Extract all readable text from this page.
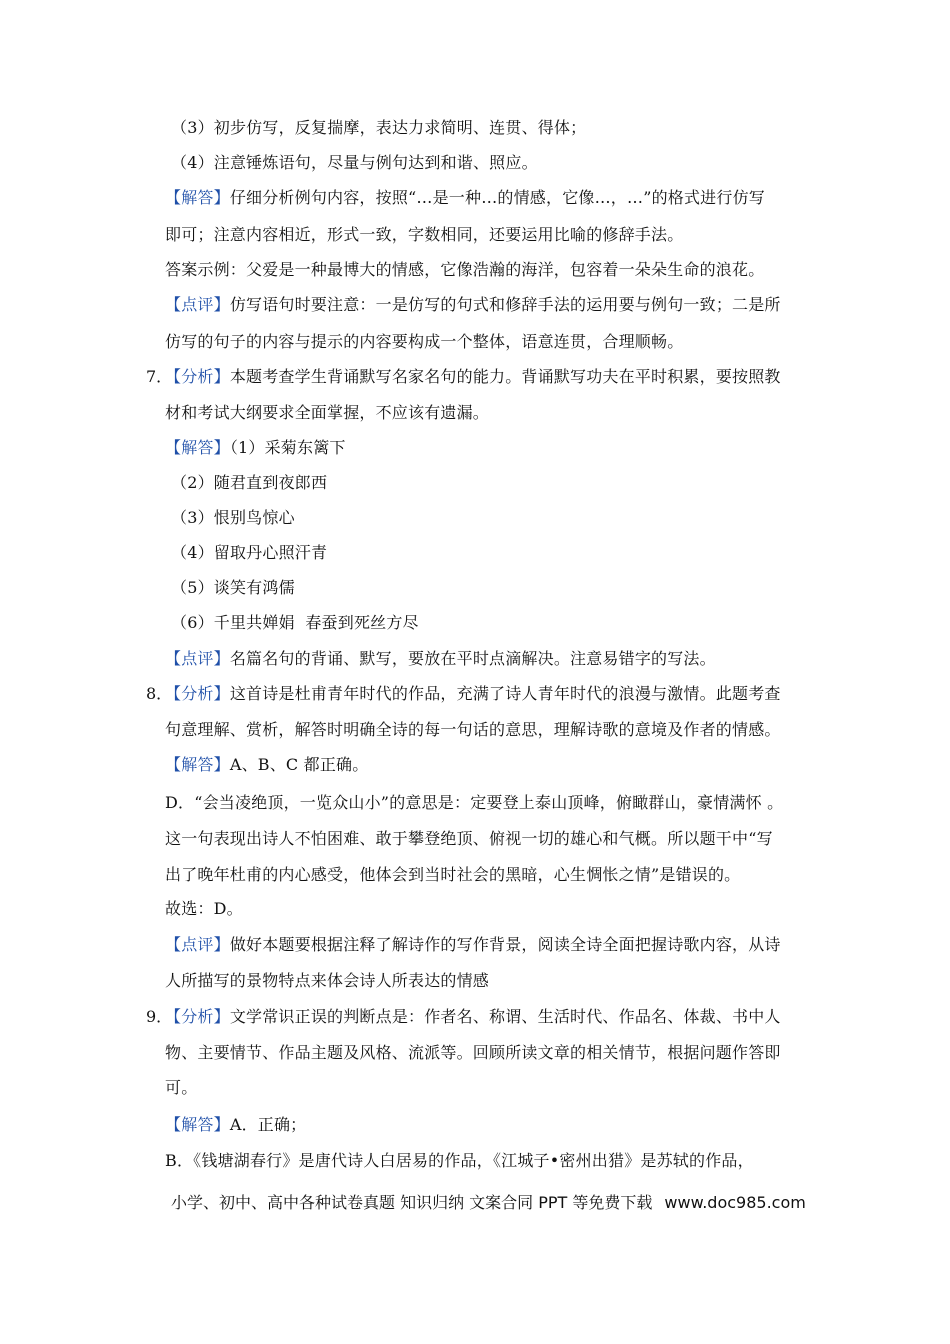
（3）初步仿写，反复揣摩，表达力求简明、连贯、得体；
（4）注意锤炼语句，尽量与例句达到和谐、照应。
【解答】仔细分析例句内容，按照“…是一种…的情感，它像…，…”的格式进行仿写
即可；注意内容相近，形式一致，字数相同，还要运用比喻的修辞手法。
答案示例：父爱是一种最博大的情感，它像浩瀚的海洋，包容着一朵朵生命的浪花。
【点评】仿写语句时要注意：一是仿写的句式和修辞手法的运用要与例句一致；二是所
仿写的句子的内容与提示的内容要构成一个整体，语意连贯，合理顺畅。
7．
【分析】本题考查学生背诵默写名家名句的能力。背诵默写功夫在平时积累，要按照教
材和考试大纲要求全面掌握，不应该有遗漏。
【解答】（1）采菊东篱下
（2）随君直到夜郎西
（3）恨别鸟惊心
（4）留取丹心照汗青
（5）谈笑有鸿儒
（6）千里共婵娟  春蚕到死丝方尽
【点评】名篇名句的背诵、默写，要放在平时点滴解决。注意易错字的写法。
8．
【分析】这首诗是杜甫青年时代的作品，充满了诗人青年时代的浪漫与激情。此题考查
句意理解、赏析，解答时明确全诗的每一句话的意思，理解诗歌的意境及作者的情感。
【解答】A、B、C 都正确。
D．“会当凌绝顶，一览众山小”的意思是：定要登上泰山顶峰，俯瞰群山，豪情满怀 。
这一句表现出诗人不怕困难、敢于攀登绝顶、俯视一切的雄心和气概。所以题干中“写
出了晚年杜甫的内心感受，他体会到当时社会的黑暗，心生惆怅之情”是错误的。
故选：D。
【点评】做好本题要根据注释了解诗作的写作背景，阅读全诗全面把握诗歌内容，从诗
人所描写的景物特点来体会诗人所表达的情感
9．
【分析】文学常识正误的判断点是：作者名、称谓、生活时代、作品名、体裁、书中人
物、主要情节、作品主题及风格、流派等。回顾所读文章的相关情节，根据问题作答即
可。
【解答】A．正确；
B．《钱塘湖春行》是唐代诗人白居易的作品，《江城子•密州出猎》是苏轼的作品，
小学、初中、高中各种试卷真题 知识归纳 文案合同 PPT 等免费下载 www.doc985.com
